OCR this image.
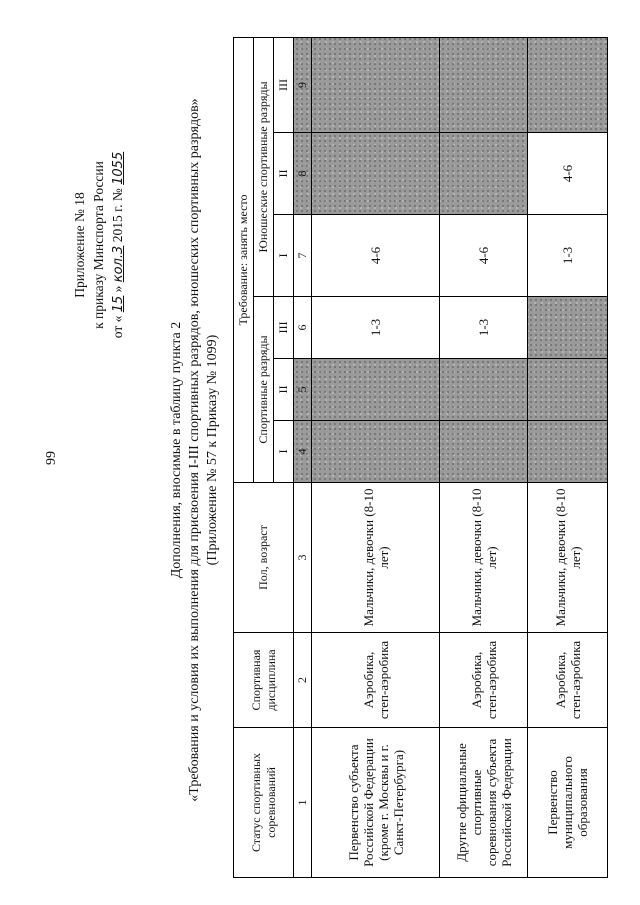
99
Приложение № 18 к приказу Минспорта России от « 15 » кол.3 2015 г. № 1055
Дополнения, вносимые в таблицу пункта 2 «Требования и условия их выполнения для присвоения I-III спортивных разрядов, юношеских спортивных разрядов» (Приложение № 57 к Приказу № 1099)
Статус спортивных соревнований	Спортивная дисциплина	Пол, возраст	Требование: занять место					
			Спортивные разряды			Юношеские спортивные разряды		
			I	II	III	I	II	III
1	2	3	4	5	6	7	8	9
Первенство субъекта Российской Федерации (кроме г. Москвы и г. Санкт-Петербурга)	Аэробика, степ-аэробика	Мальчики, девочки (8-10 лет)			1-3	4-6		
Другие официальные спортивные соревнования субъекта Российской Федерации	Аэробика, степ-аэробика	Мальчики, девочки (8-10 лет)			1-3	4-6		
Первенство муниципального образования	Аэробика, степ-аэробика	Мальчики, девочки (8-10 лет)				1-3	4-6	
